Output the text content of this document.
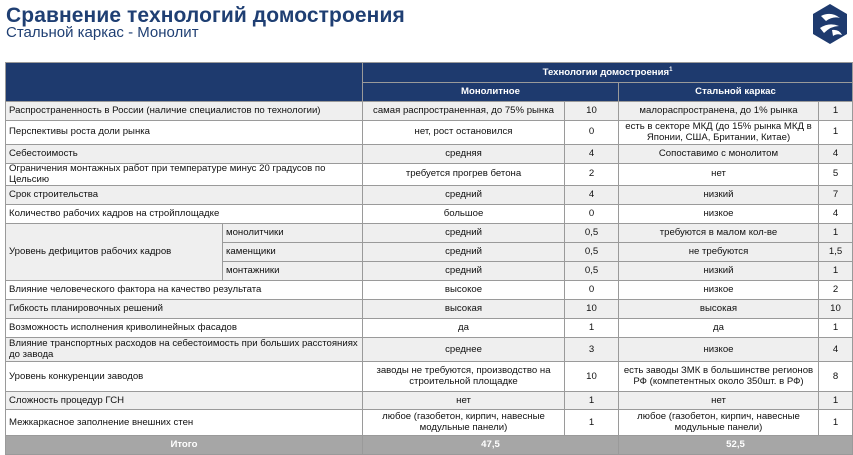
Сравнение технологий домостроения
Стальной каркас - Монолит
		Технологии домостроения$^1$
		Монолитное		Стальной каркас	
Распространенность в России (наличие специалистов по технологии)		самая распространенная, до 75% рынка	10	малораспространена, до 1% рынка	1
Перспективы роста доли рынка		нет, рост остановился	0	есть в секторе МКД (до 15% рынка МКД в Японии, США, Британии, Китае)	1
Себестоимость		средняя	4	Сопоставимо с монолитом	4
Ограничения монтажных работ при температуре минус 20 градусов по Цельсию		требуется прогрев бетона	2	нет	5
Срок строительства		средний	4	низкий	7
Количество рабочих кадров на стройплощадке		большое	0	низкое	4
Уровень дефицитов рабочих кадров	монолитчики	средний	0,5	требуются в малом кол-ве	1
	каменщики	средний	0,5	не требуются	1,5
	монтажники	средний	0,5	низкий	1
Влияние человеческого фактора на качество результата		высокое	0	низкое	2
Гибкость планировочных решений		высокая	10	высокая	10
Возможность исполнения криволинейных фасадов		да	1	да	1
Влияние транспортных расходов на себестоимость при больших расстояниях до завода		среднее	3	низкое	4
Уровень конкуренции заводов		заводы не требуются, производство на строительной площадке	10	есть заводы ЗМК в большинстве регионов РФ (компетентных около 350шт. в РФ)	8
Сложность процедур ГСН		нет	1	нет	1
Межкаркасное заполнение внешних стен		любое (газобетон, кирпич, навесные модульные панели)	1	любое (газобетон, кирпич, навесные модульные панели)	1
Итого		47,5		52,5	
